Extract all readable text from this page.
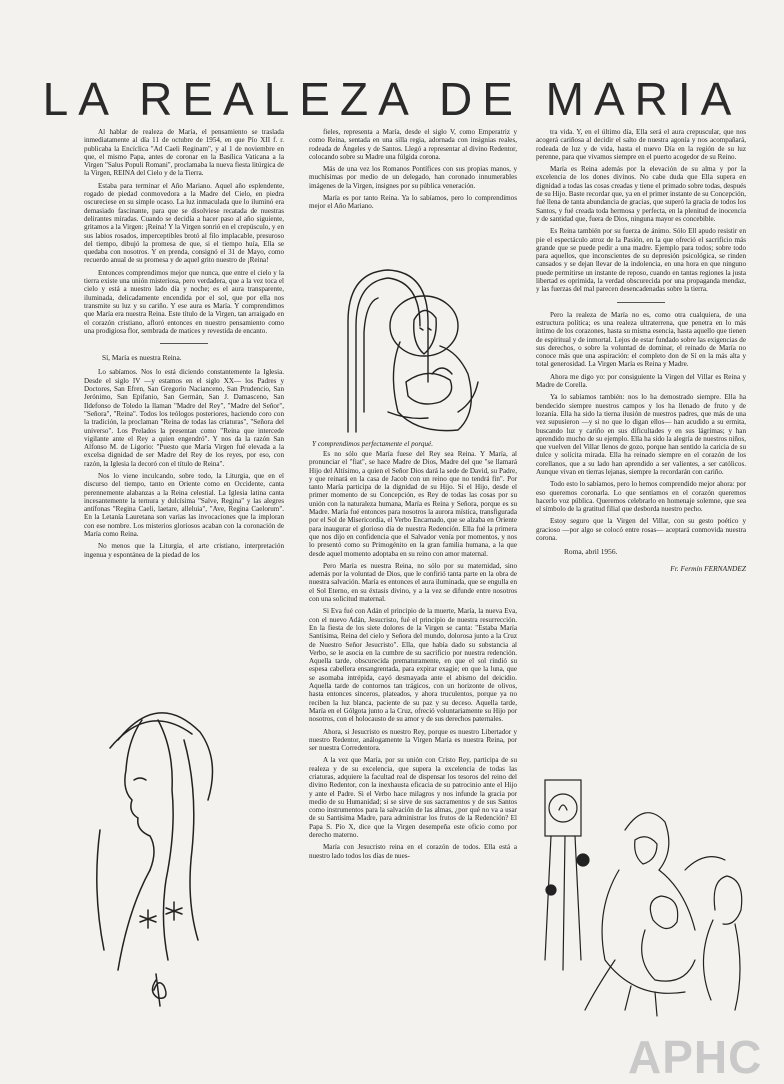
LA REALEZA DE MARIA

Al hablar de realeza de María, el pensamiento se traslada inmediatamente al día 11 de octubre de 1954, en que Pío XII f. r. publicaba la Encíclica "Ad Caeli Reginam", y al 1 de noviembre en que, el mismo Papa, antes de coronar en la Basílica Vaticana a la Virgen "Salus Populi Romani", proclamaba la nueva fiesta litúrgica de la Virgen, REINA del Cielo y de la Tierra.

Estaba para terminar el Año Mariano. Aquel año esplendente, rogado de piedad conmovedora a la Madre del Cielo, en piedra oscureciese en su simple ocaso. La luz inmaculada que lo iluminó era demasiado fascinante, para que se disolviese recatada de nuestras delirantes miradas. Cuando se decidía a hacer paso al año siguiente, gritamos a la Virgen: ¡Reina! Y la Virgen sonrió en el crepúsculo, y en sus labios rosados, imperceptibles brotó al filo implacable, presuroso del tiempo, dibujó la promesa de que, si el tiempo huía, Ella se quedaba con nosotros. Y en prenda, consignó el 31 de Mayo, como recuerdo anual de su promesa y de aquel grito nuestro de ¡Reina!

Entonces comprendimos mejor que nunca, que entre el cielo y la tierra existe una unión misteriosa, pero verdadera, que a la vez toca el cielo y está a nuestro lado día y noche; es el aura transparente, iluminada, delicadamente encendida por el sol, que por ella nos transmite su luz y su cariño. Y ese aura es María. Y comprendimos que María era nuestra Reina. Este título de la Virgen, tan arraigado en el corazón cristiano, afloró entonces en nuestro pensamiento como una prodigiosa flor, sembrada de matices y revestida de encanto.

Sí, María es nuestra Reina.

Lo sabíamos. Nos lo está diciendo constantemente la Iglesia. Desde el siglo IV —y estamos en el siglo XX— los Padres y Doctores, San Efren, San Gregorio Nacianceno, San Prudencio, San Jerónimo, San Epifanio, San Germán, San J. Damasceno, San Ildefonso de Toledo la llaman "Madre del Rey", "Madre del Señor", "Señora", "Reina". Todos los teólogos posteriores, haciendo coro con la tradición, la proclaman "Reina de todas las criaturas", "Señora del universo". Los Prelados la presentan como "Reina que intercede vigilante ante el Rey a quien engendró". Y nos da la razón San Alfonso M. de Ligorio: "Puesto que María Virgen fué elevada a la excelsa dignidad de ser Madre del Rey de los reyes, por eso, con razón, la Iglesia la decoró con el título de Reina".

Nos lo viene inculcando, sobre todo, la Liturgia, que en el discurso del tiempo, tanto en Oriente como en Occidente, canta perennemente alabanzas a la Reina celestial. La Iglesia latina canta incesantemente la ternura y dulcísima "Salve, Regina" y las alegres antífonas "Regina Caeli, laetare, alleluia", "Ave, Regina Caelorum". En la Letanía Lauretana son varias las invocaciones que la imploran con ese nombre. Los misterios gloriosos acaban con la coronación de María como Reina.

No menos que la Liturgia, el arte cristiano, interpretación ingenua y espontánea de la piedad de los

fieles, representa a María, desde el siglo V, como Emperatriz y como Reina, sentada en una silla regia, adornada con insignias reales, rodeada de Ángeles y de Santos. Llegó a representar al divino Redentor, colocando sobre su Madre una fúlgida corona.

Más de una vez los Romanos Pontífices con sus propias manos, y muchísimas por medio de un delegado, han coronado innumerables imágenes de la Virgen, insignes por su pública veneración.

María es por tanto Reina. Ya lo sabíamos, pero lo comprendimos mejor el Año Mariano.

Y comprendimos perfectamente el porqué.

Es no sólo que María fuese del Rey sea Reina. Y María, al pronunciar el "fiat", se hace Madre de Dios, Madre del que "se llamará Hijo del Altísimo, a quien el Señor Dios dará la sede de David, su Padre, y que reinará en la casa de Jacob con un reino que no tendrá fin". Por tanto María participa de la dignidad de su Hijo. Si el Hijo, desde el primer momento de su Concepción, es Rey de todas las cosas por su unión con la naturaleza humana, María es Reina y Señora, porque es su Madre. María fué entonces para nosotros la aurora mística, transfigurada por el Sol de Misericordia, el Verbo Encarnado, que se alzaba en Oriente para inaugurar el glorioso día de nuestra Redención. Ella fué la primera que nos dijo en confidencia que el Salvador venía por momentos, y nos lo presentó como su Primogénito en la gran familia humana, a la que desde aquel momento adoptaba en su reino con amor maternal.

Pero María es nuestra Reina, no sólo por su maternidad, sino además por la voluntad de Dios, que le confirió tanta parte en la obra de nuestra salvación. María es entonces el aura iluminada, que se engulla en el Sol Eterno, en su éxtasis divino, y a la vez se difunde entre nosotros con una solicitud maternal.

Si Eva fué con Adán el principio de la muerte, María, la nueva Eva, con el nuevo Adán, Jesucristo, fué el principio de nuestra resurrección. En la fiesta de los siete dolores de la Virgen se canta: "Estaba María Santísima, Reina del cielo y Señora del mundo, dolorosa junto a la Cruz de Nuestro Señor Jesucristo". Ella, que había dado su substancia al Verbo, se le asocia en la cumbre de su sacrificio por nuestra redención. Aquella tarde, obscurecida prematuramente, en que el sol rindió su espesa cabellera ensangrentada, para expirar exagie; en que la luna, que se asomaba intrépida, cayó desmayada ante el abismo del deicidio. Aquella tarde de contornos tan trágicos, con un horizonte de olivos, hasta entonces sinceros, plateados, y ahora truculentos, porque ya no reciben la luz blanca, paciente de su paz y su deceso. Aquella tarde, María en el Gólgota junto a la Cruz, ofreció voluntariamente su Hijo por nosotros, con el holocausto de su amor y de sus derechos paternales.

Ahora, si Jesucristo es nuestro Rey, porque es nuestro Libertador y nuestro Redentor, análogamente la Virgen María es nuestra Reina, por ser nuestra Corredentora.

A la vez que María, por su unión con Cristo Rey, participa de su realeza y de su excelencia, que supera la excelencia de todas las criaturas, adquiere la facultad real de dispensar los tesoros del reino del divino Redentor, con la inexhausta eficacia de su patrocinio ante el Hijo y ante el Padre. Si el Verbo hace milagros y nos infunde la gracia por medio de su Humanidad; si se sirve de sus sacramentos y de sus Santos como instrumentos para la salvación de las almas, ¿por qué no va a usar de su Santísima Madre, para administrar los frutos de la Redención? El Papa S. Pío X, dice que la Virgen desempeña este oficio como por derecho materno.

María con Jesucristo reina en el corazón de todos. Ella está a nuestro lado todos los días de nues-

tra vida. Y, en el último día, Ella será el aura crepuscular, que nos acogerá cariñosa al decidir el salto de nuestra agonía y nos acompañará, rodeada de luz y de vida, hasta el nuevo Día en la región de su luz perenne, para que vivamos siempre en el puerto acogedor de su Reino.

María es Reina además por la elevación de su alma y por la excelencia de los dones divinos. No cabe duda que Ella supera en dignidad a todas las cosas creadas y tiene el primado sobre todas, después de su Hijo. Baste recordar que, ya en el primer instante de su Concepción, fué llena de tanta abundancia de gracias, que superó la gracia de todos los Santos, y fué creada toda hermosa y perfecta, en la plenitud de inocencia y de santidad que, fuera de Dios, ninguna mayor es concebible.

Es Reina también por su fuerza de ánimo. Sólo Ell apudo resistir en pie el espectáculo atroz de la Pasión, en la que ofreció el sacrificio más grande que se puede pedir a una madre. Ejemplo para todos; sobre todo para aquellos, que inconscientes de su depresión psicológica, se rinden cansados y se dejan llevar de la indolencia, en una hora en que ninguno puede permitirse un instante de reposo, cuando en tantas regiones la justa libertad es oprimida, la verdad obscurecida por una propaganda mendaz, y las fuerzas del mal parecen desencadenadas sobre la tierra.

Pero la realeza de María no es, como otra cualquiera, de una estructura política; es una realeza ultraterrena, que penetra en lo más íntimo de los corazones, hasta su misma esencia, hasta aquello que tienen de espiritual y de inmortal. Lejos de estar fundado sobre las exigencias de sus derechos, o sobre la voluntad de dominar, el reinado de María no conoce más que una aspiración: el completo don de Sí en la más alta y total generosidad. La Virgen María es Reina y Madre.

Ahora me digo yo: por consiguiente la Virgen del Villar es Reina y Madre de Corella.

Ya lo sabíamos también: nos lo ha demostrado siempre. Ella ha bendecido siempre nuestros campos y los ha llenado de fruto y de lozanía. Ella ha sido la tierna ilusión de nuestros padres, que más de una vez supusieron —y si no que lo digan ellos— han acudido a su ermita, buscando luz y cariño en sus dificultades y en sus lágrimas; y han aprendido mucho de su ejemplo. Ella ha sido la alegría de nuestros niños, que vuelven del Villar llenos de gozo, porque han sentido la caricia de su dulce y solícita mirada. Ella ha reinado siempre en el corazón de los corellanos, que a su lado han aprendido a ser valientes, a ser católicos. Aunque vivan en tierras lejanas, siempre la recordarán con cariño.

Todo esto lo sabíamos, pero lo hemos comprendido mejor ahora: por eso queremos coronarla. Lo que sentíamos en el corazón queremos hacerlo voz pública. Queremos celebrarlo en homenaje solemne, que sea el símbolo de la gratitud filial que desborda nuestro pecho.

Estoy seguro que la Virgen del Villar, con su gesto poético y gracioso —por algo se colocó entre rosas— aceptará conmovida nuestra corona.

Roma, abril 1956.
Fr. Fermín FERNANDEZ
APHC
